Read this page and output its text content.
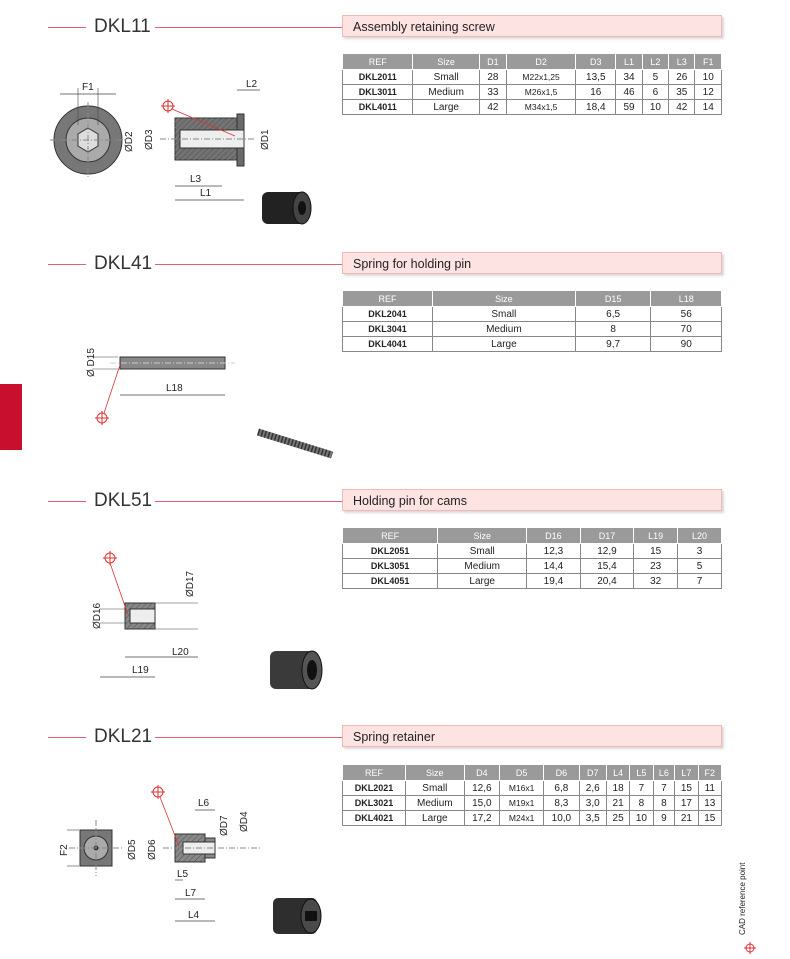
DKL11	Assembly retaining screw
REF	Size	D1	D2	D3	L1	L2	L3	F1
DKL2011	Small	28	M22x1,25	13,5	34	5	26	10
DKL3011	Medium	33	M26x1,5	16	46	6	35	12
DKL4011	Large	42	M34x1,5	18,4	59	10	42	14
F1	L2
ØD2 ØD3	ØD1
L3
L1
DKL41	Spring for holding pin
REF	Size	D15	L18
DKL2041	Small	6,5	56
DKL3041	Medium	8	70
DKL4041	Large	9,7	90
Ø D15
L18
DKL51	Holding pin for cams
REF	Size	D16	D17	L19	L20
DKL2051	Small	12,3	12,9	15	3
DKL3051	Medium	14,4	15,4	23	5
DKL4051	Large	19,4	20,4	32	7
ØD17
ØD16
L20
L19
DKL21	Spring retainer
REF	Size	D4	D5	D6	D7	L4	L5	L6	L7	F2
DKL2021	Small	12,6	M16x1	6,8	2,6	18	7	7	15	11
DKL3021	Medium	15,0	M19x1	8,3	3,0	21	8	8	17	13
DKL4021	Large	17,2	M24x1	10,0	3,5	25	10	9	21	15
F2
L6
ØD7 ØD4
ØD5 ØD6
L5
L7
L4	CAD reference point
